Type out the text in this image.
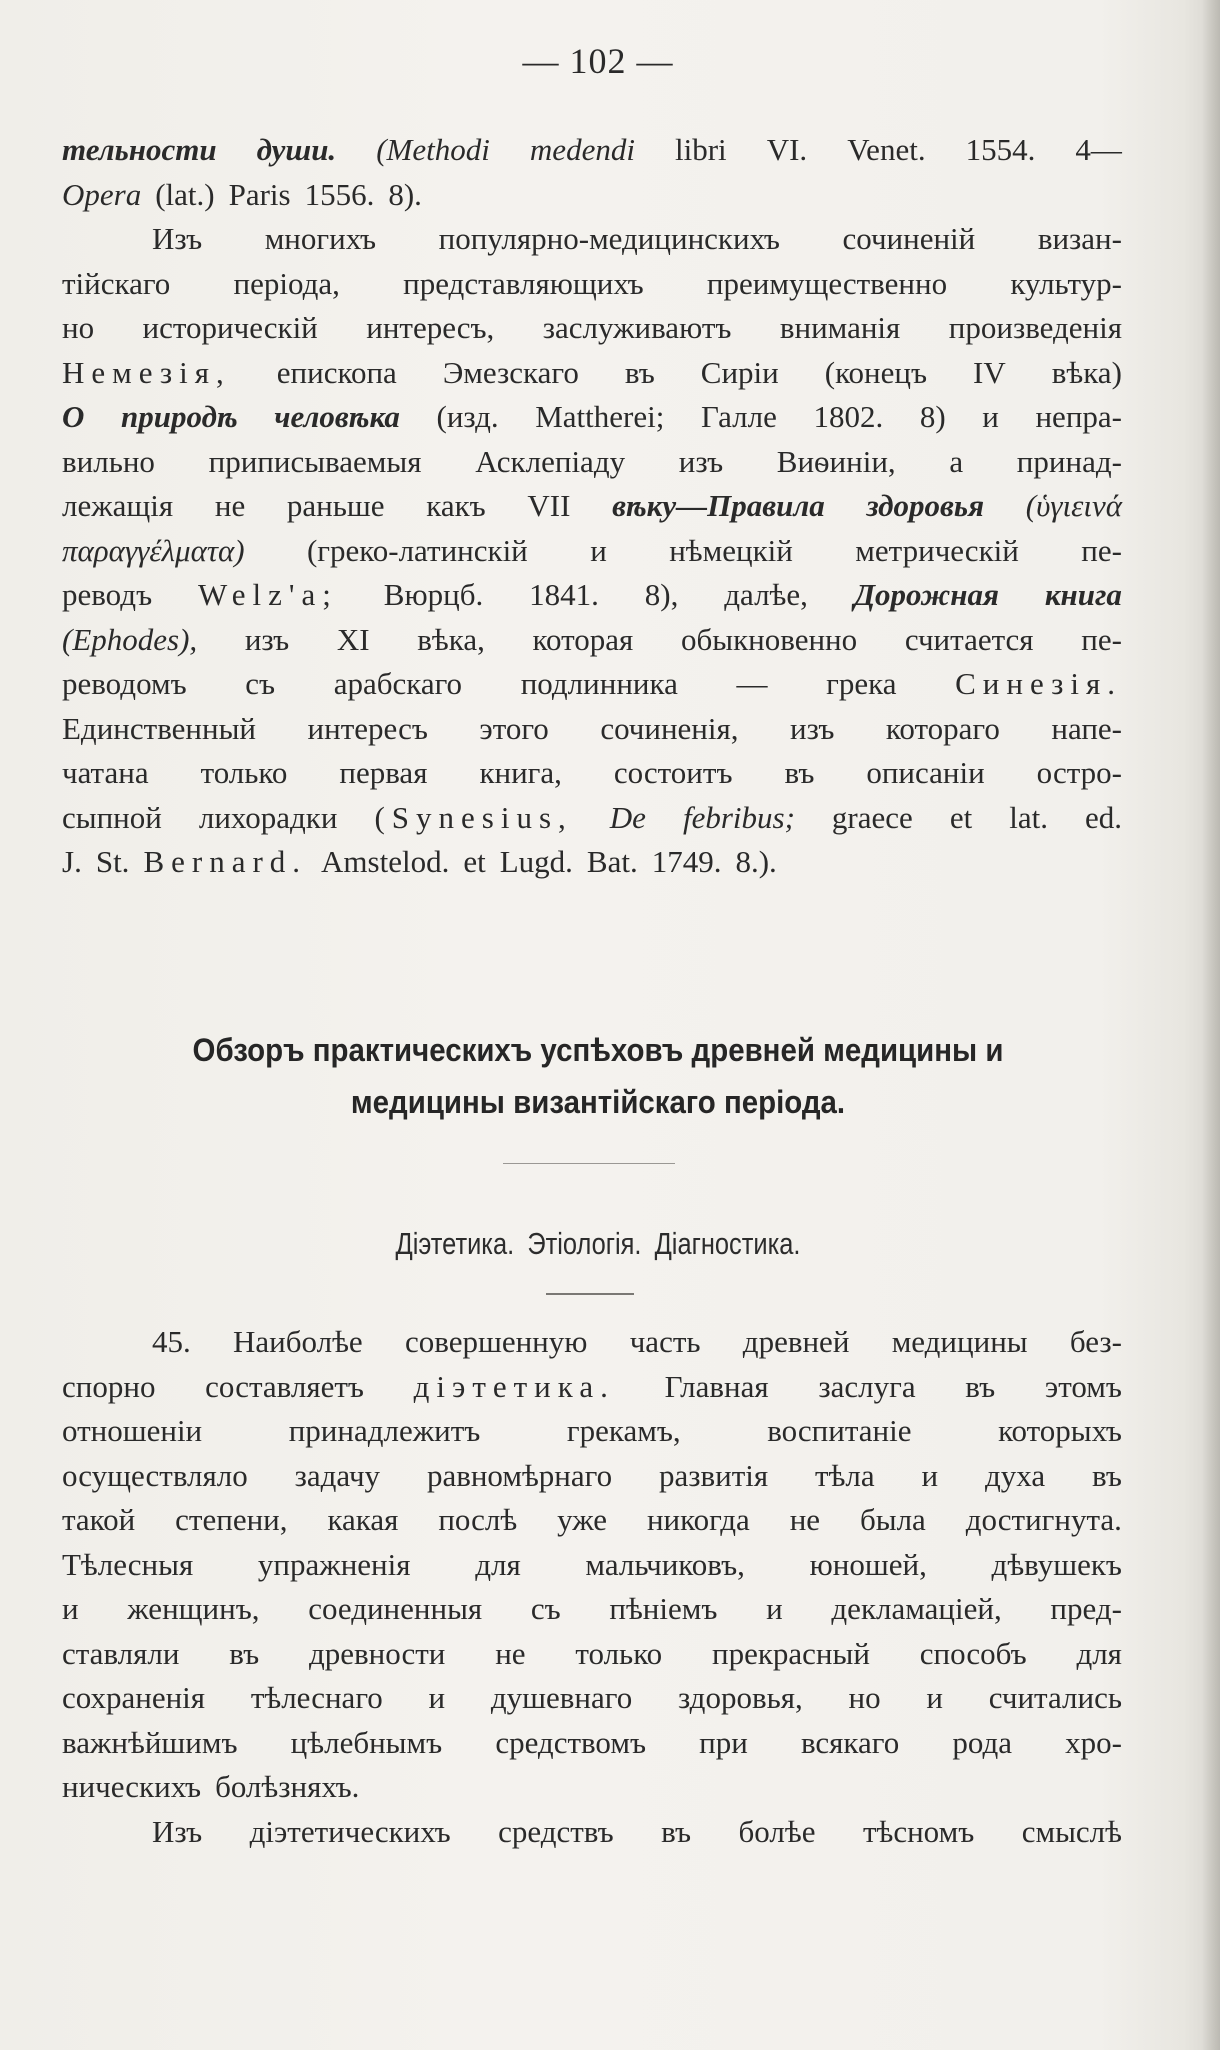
— 102 —
тельности души. (Methodi medendi libri VI. Venet. 1554. 4—
Opera (lat.) Paris 1556. 8).
Изъ многихъ популярно-медицинскихъ сочиненій визан-
тійскаго періода, представляющихъ преимущественно культур-
но историческій интересъ, заслуживаютъ вниманія произведенія
Немезія, епископа Эмезскаго въ Сиріи (конецъ IV вѣка)
О природѣ человѣка (изд. Mattherei; Галле 1802. 8) и непра-
вильно приписываемыя Асклепіаду изъ Виѳиніи, а принад-
лежащія не раньше какъ VII вѣку—Правила здоровья (ὑγιεινά
παραγγέλματα) (греко-латинскій и нѣмецкій метрическій пе-
реводъ Welz'а; Вюрцб. 1841. 8), далѣе, Дорожная книга
(Ephodes), изъ XI вѣка, которая обыкновенно считается пе-
реводомъ съ арабскаго подлинника — грека Синезія.
Единственный интересъ этого сочиненія, изъ котораго напе-
чатана только первая книга, состоитъ въ описаніи остро-
сыпной лихорадки (Synesius, De febribus; graece et lat. ed.
J. St. Bernard. Amstelod. et Lugd. Bat. 1749. 8.).
Обзоръ практическихъ успѣховъ древней медицины и
медицины византійскаго періода.
Діэтетика. Этіологія. Діагностика.
45. Наиболѣе совершенную часть древней медицины без-
спорно составляетъ діэтетика. Главная заслуга въ этомъ
отношеніи	принадлежитъ	грекамъ,	воспитаніе	которыхъ
осуществляло задачу равномѣрнаго развитія тѣла и духа въ
такой степени, какая послѣ уже никогда не была достигнута.
Тѣлесныя упражненія для мальчиковъ, юношей, дѣвушекъ
и женщинъ, соединенныя съ пѣніемъ и декламаціей, пред-
ставляли въ древности не только прекрасный способъ для
сохраненія тѣлеснаго и душевнаго здоровья, но и считались
важнѣйшимъ цѣлебнымъ средствомъ при всякаго рода хро-
ническихъ болѣзняхъ.
Изъ діэтетическихъ средствъ въ болѣе тѣсномъ смыслѣ
